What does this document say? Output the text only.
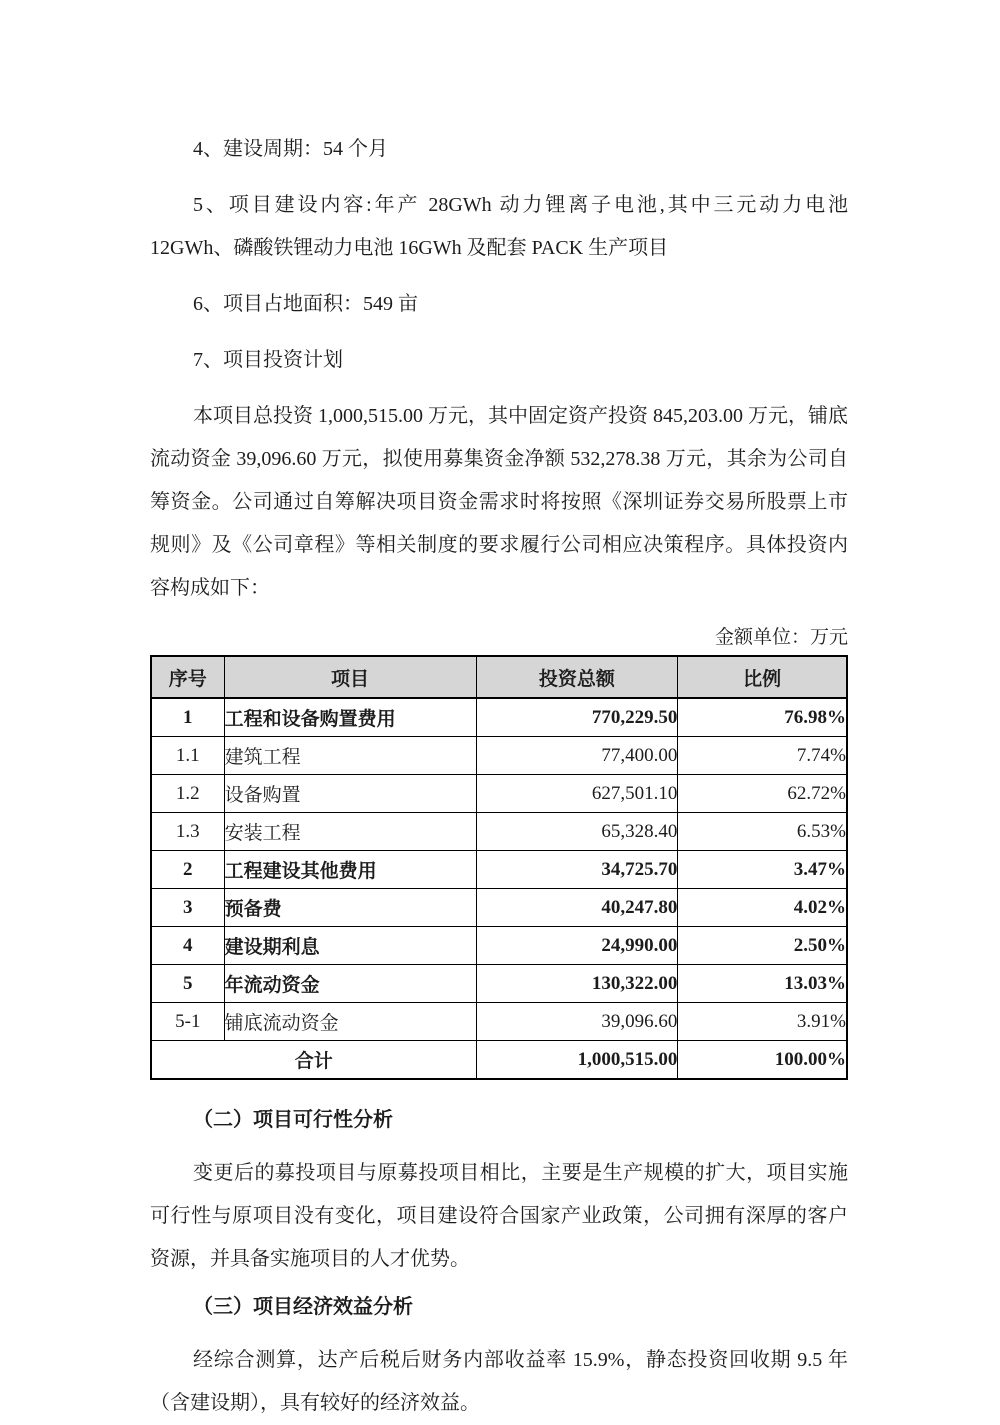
4、建设周期：54 个月

5、项目建设内容:年产 28GWh 动力锂离子电池,其中三元动力电池 12GWh、磷酸铁锂动力电池 16GWh 及配套 PACK 生产项目

6、项目占地面积：549 亩

7、项目投资计划

本项目总投资 1,000,515.00 万元，其中固定资产投资 845,203.00 万元，铺底流动资金 39,096.60 万元，拟使用募集资金净额 532,278.38 万元，其余为公司自筹资金。公司通过自筹解决项目资金需求时将按照《深圳证券交易所股票上市规则》及《公司章程》等相关制度的要求履行公司相应决策程序。具体投资内容构成如下：

金额单位：万元
序号	项目	投资总额	比例
1	工程和设备购置费用	770,229.50	76.98%
1.1	建筑工程	77,400.00	7.74%
1.2	设备购置	627,501.10	62.72%
1.3	安装工程	65,328.40	6.53%
2	工程建设其他费用	34,725.70	3.47%
3	预备费	40,247.80	4.02%
4	建设期利息	24,990.00	2.50%
5	年流动资金	130,322.00	13.03%
5-1	铺底流动资金	39,096.60	3.91%
合计		1,000,515.00	100.00%
（二）项目可行性分析

变更后的募投项目与原募投项目相比，主要是生产规模的扩大，项目实施可行性与原项目没有变化，项目建设符合国家产业政策，公司拥有深厚的客户资源，并具备实施项目的人才优势。

（三）项目经济效益分析

经综合测算，达产后税后财务内部收益率 15.9%，静态投资回收期 9.5 年（含建设期），具有较好的经济效益。
